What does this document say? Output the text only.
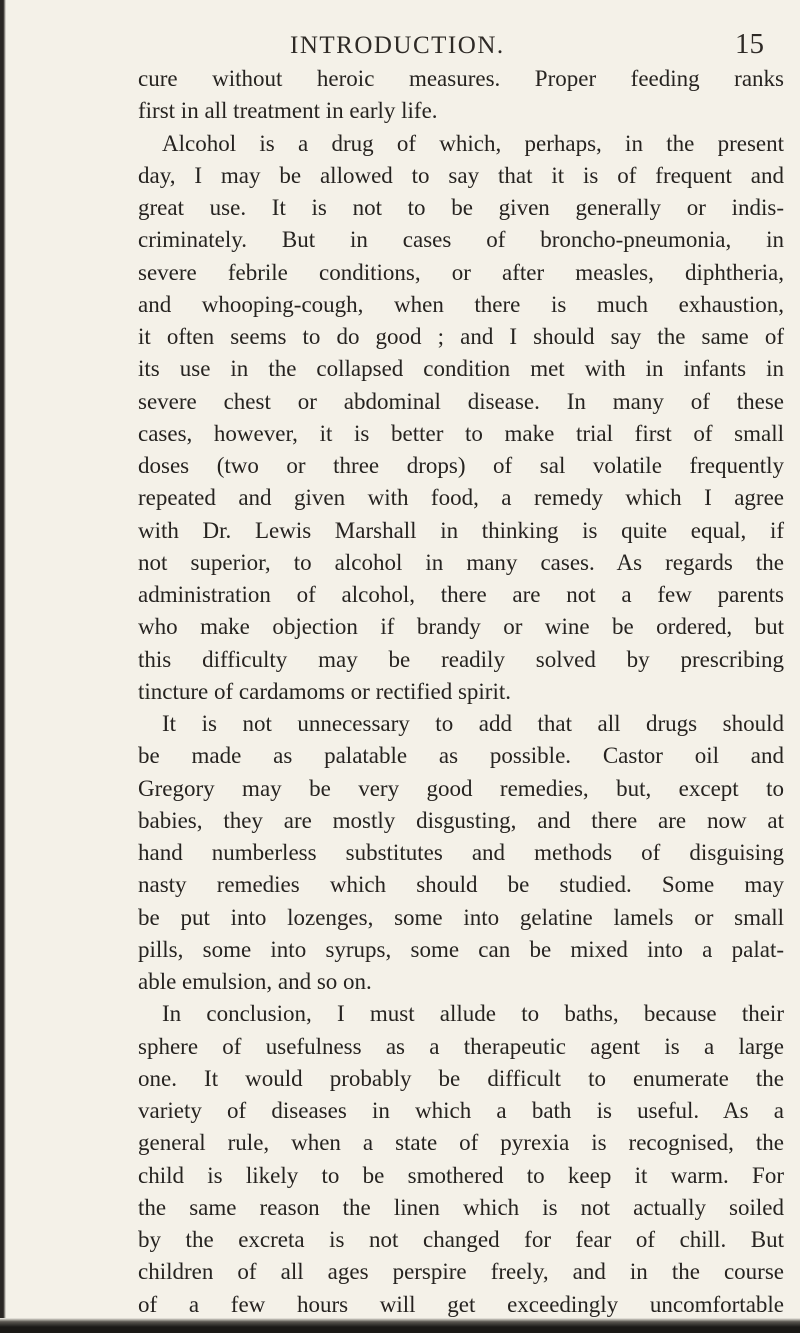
INTRODUCTION.	15
cure without heroic measures. Proper feeding ranks
first in all treatment in early life.
Alcohol is a drug of which, perhaps, in the present
day, I may be allowed to say that it is of frequent and
great use. It is not to be given generally or indis-
criminately. But in cases of broncho-pneumonia, in
severe febrile conditions, or after measles, diphtheria,
and whooping-cough, when there is much exhaustion,
it often seems to do good ; and I should say the same of
its use in the collapsed condition met with in infants in
severe chest or abdominal disease. In many of these
cases, however, it is better to make trial first of small
doses (two or three drops) of sal volatile frequently
repeated and given with food, a remedy which I agree
with Dr. Lewis Marshall in thinking is quite equal, if
not superior, to alcohol in many cases. As regards the
administration of alcohol, there are not a few parents
who make objection if brandy or wine be ordered, but
this difficulty may be readily solved by prescribing
tincture of cardamoms or rectified spirit.
It is not unnecessary to add that all drugs should
be made as palatable as possible. Castor oil and
Gregory may be very good remedies, but, except to
babies, they are mostly disgusting, and there are now at
hand numberless substitutes and methods of disguising
nasty remedies which should be studied. Some may
be put into lozenges, some into gelatine lamels or small
pills, some into syrups, some can be mixed into a palat-
able emulsion, and so on.
In conclusion, I must allude to baths, because their
sphere of usefulness as a therapeutic agent is a large
one. It would probably be difficult to enumerate the
variety of diseases in which a bath is useful. As a
general rule, when a state of pyrexia is recognised, the
child is likely to be smothered to keep it warm. For
the same reason the linen which is not actually soiled
by the excreta is not changed for fear of chill. But
children of all ages perspire freely, and in the course
of a few hours will get exceedingly uncomfortable
